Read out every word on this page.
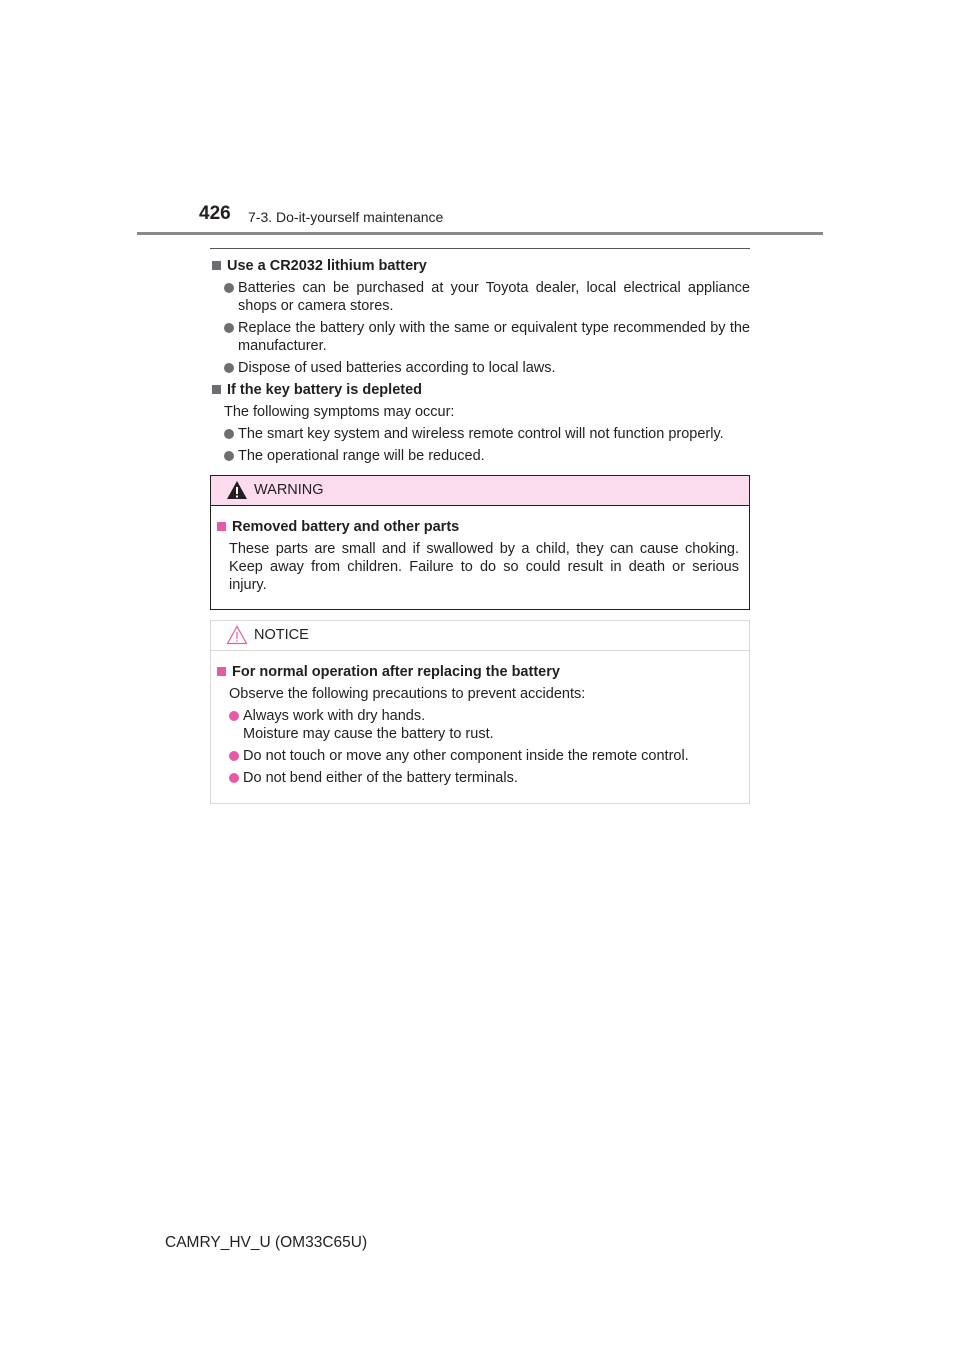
426 7-3. Do-it-yourself maintenance
Use a CR2032 lithium battery
Batteries can be purchased at your Toyota dealer, local electrical appliance shops or camera stores.
Replace the battery only with the same or equivalent type recommended by the manufacturer.
Dispose of used batteries according to local laws.
If the key battery is depleted
The following symptoms may occur:
The smart key system and wireless remote control will not function properly.
The operational range will be reduced.
WARNING
Removed battery and other parts
These parts are small and if swallowed by a child, they can cause choking. Keep away from children. Failure to do so could result in death or serious injury.
NOTICE
For normal operation after replacing the battery
Observe the following precautions to prevent accidents:
Always work with dry hands.
Moisture may cause the battery to rust.
Do not touch or move any other component inside the remote control.
Do not bend either of the battery terminals.
CAMRY_HV_U (OM33C65U)
